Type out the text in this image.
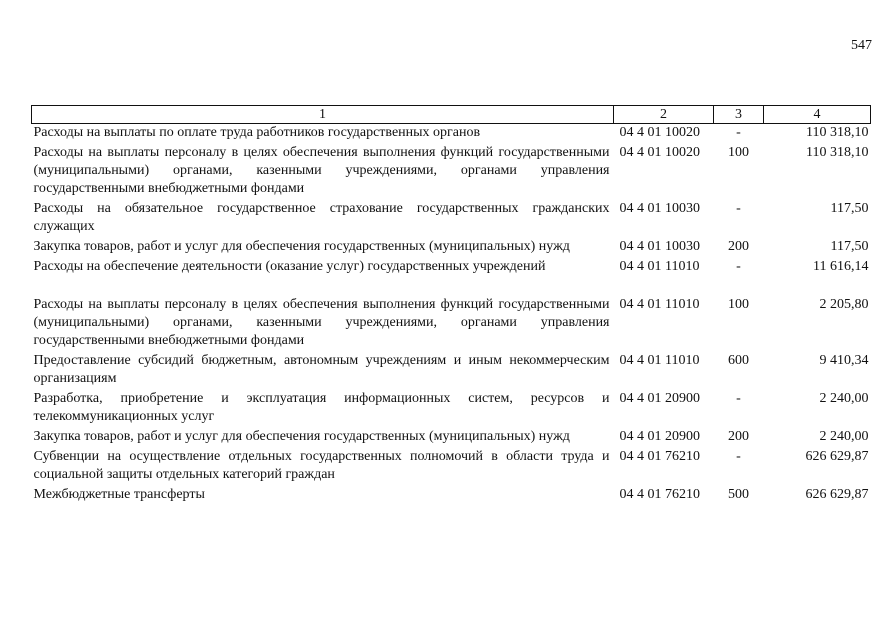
547
1	2	3	4
Расходы на выплаты по оплате труда работников государственных органов	04 4 01 10020	-	110 318,10
Расходы на выплаты персоналу в целях обеспечения выполнения функций государственными (муниципальными) органами, казенными учреждениями, органами управления государственными внебюджетными фондами	04 4 01 10020	100	110 318,10
Расходы на обязательное государственное страхование государственных гражданских служащих	04 4 01 10030	-	117,50
Закупка товаров, работ и услуг для обеспечения государственных (муниципальных) нужд	04 4 01 10030	200	117,50
Расходы на обеспечение деятельности (оказание услуг) государственных учреждений	04 4 01 11010	-	11 616,14
Расходы на выплаты персоналу в целях обеспечения выполнения функций государственными (муниципальными) органами, казенными учреждениями, органами управления государственными внебюджетными фондами	04 4 01 11010	100	2 205,80
Предоставление субсидий бюджетным, автономным учреждениям и иным некоммерческим организациям	04 4 01 11010	600	9 410,34
Разработка, приобретение и эксплуатация информационных систем, ресурсов и телекоммуникационных услуг	04 4 01 20900	-	2 240,00
Закупка товаров, работ и услуг для обеспечения государственных (муниципальных) нужд	04 4 01 20900	200	2 240,00
Субвенции на осуществление отдельных государственных полномочий в области труда и социальной защиты отдельных категорий граждан	04 4 01 76210	-	626 629,87
Межбюджетные трансферты	04 4 01 76210	500	626 629,87
